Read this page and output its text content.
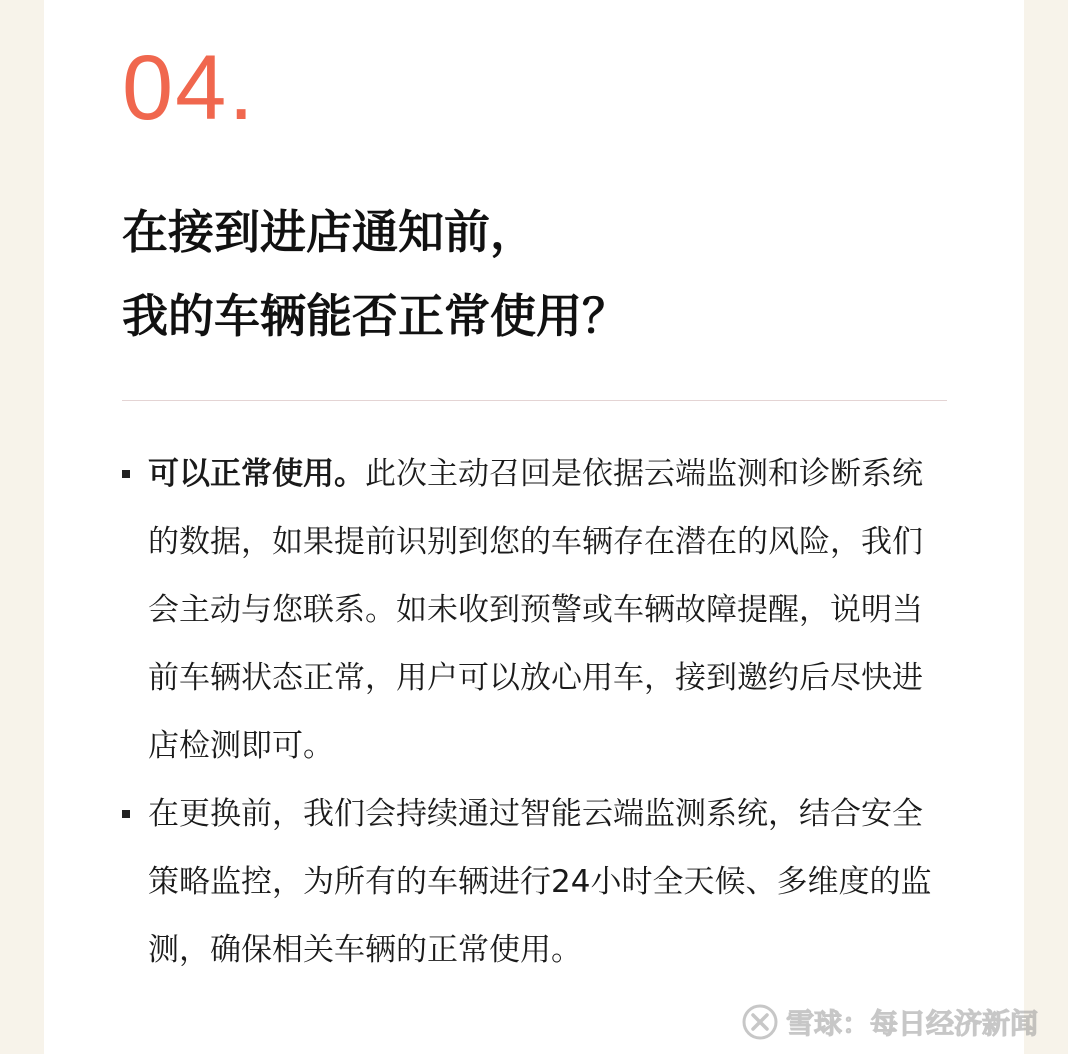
04.
在接到进店通知前，
我的车辆能否正常使用？
可以正常使用。此次主动召回是依据云端监测和诊断系统的数据，如果提前识别到您的车辆存在潜在的风险，我们会主动与您联系。如未收到预警或车辆故障提醒，说明当前车辆状态正常，用户可以放心用车，接到邀约后尽快进店检测即可。
在更换前，我们会持续通过智能云端监测系统，结合安全策略监控，为所有的车辆进行24小时全天候、多维度的监测，确保相关车辆的正常使用。
雪球：每日经济新闻
